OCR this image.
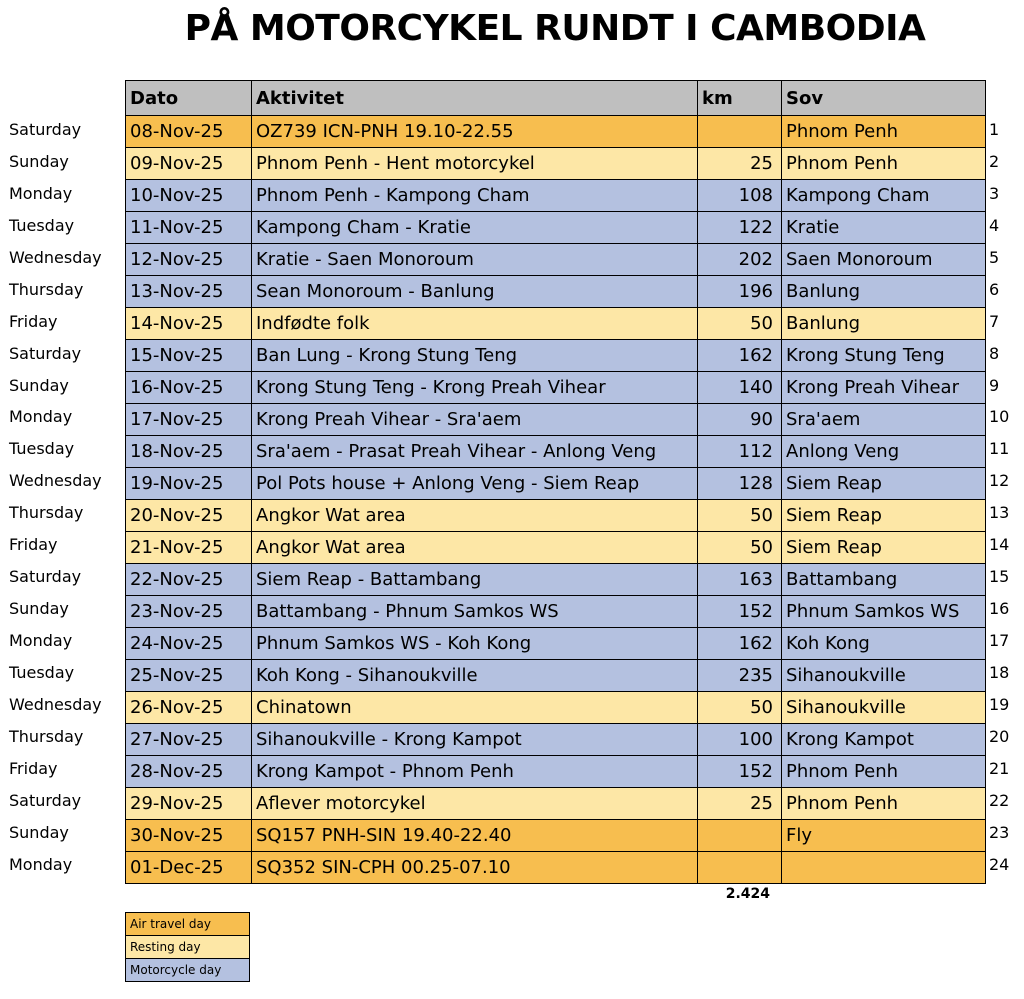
PÅ MOTORCYKEL RUNDT I CAMBODIA
Saturday
Sunday
Monday
Tuesday
Wednesday
Thursday
Friday
Saturday
Sunday
Monday
Tuesday
Wednesday
Thursday
Friday
Saturday
Sunday
Monday
Tuesday
Wednesday
Thursday
Friday
Saturday
Sunday
Monday
Dato	Aktivitet	km	Sov
08-Nov-25	OZ739 ICN-PNH 19.10-22.55		Phnom Penh
09-Nov-25	Phnom Penh - Hent motorcykel	25	Phnom Penh
10-Nov-25	Phnom Penh - Kampong Cham	108	Kampong Cham
11-Nov-25	Kampong Cham - Kratie	122	Kratie
12-Nov-25	Kratie - Saen Monoroum	202	Saen Monoroum
13-Nov-25	Sean Monoroum - Banlung	196	Banlung
14-Nov-25	Indfødte folk	50	Banlung
15-Nov-25	Ban Lung - Krong Stung Teng	162	Krong Stung Teng
16-Nov-25	Krong Stung Teng - Krong Preah Vihear	140	Krong Preah Vihear
17-Nov-25	Krong Preah Vihear - Sra'aem	90	Sra'aem
18-Nov-25	Sra'aem - Prasat Preah Vihear - Anlong Veng	112	Anlong Veng
19-Nov-25	Pol Pots house + Anlong Veng - Siem Reap	128	Siem Reap
20-Nov-25	Angkor Wat area	50	Siem Reap
21-Nov-25	Angkor Wat area	50	Siem Reap
22-Nov-25	Siem Reap - Battambang	163	Battambang
23-Nov-25	Battambang - Phnum Samkos WS	152	Phnum Samkos WS
24-Nov-25	Phnum Samkos WS - Koh Kong	162	Koh Kong
25-Nov-25	Koh Kong - Sihanoukville	235	Sihanoukville
26-Nov-25	Chinatown	50	Sihanoukville
27-Nov-25	Sihanoukville - Krong Kampot	100	Krong Kampot
28-Nov-25	Krong Kampot - Phnom Penh	152	Phnom Penh
29-Nov-25	Aflever motorcykel	25	Phnom Penh
30-Nov-25	SQ157 PNH-SIN 19.40-22.40		Fly
01-Dec-25	SQ352 SIN-CPH 00.25-07.10		
1
2
3
4
5
6
7
8
9
10
11
12
13
14
15
16
17
18
19
20
21
22
23
24
2.424
Air travel day
Resting day
Motorcycle day
